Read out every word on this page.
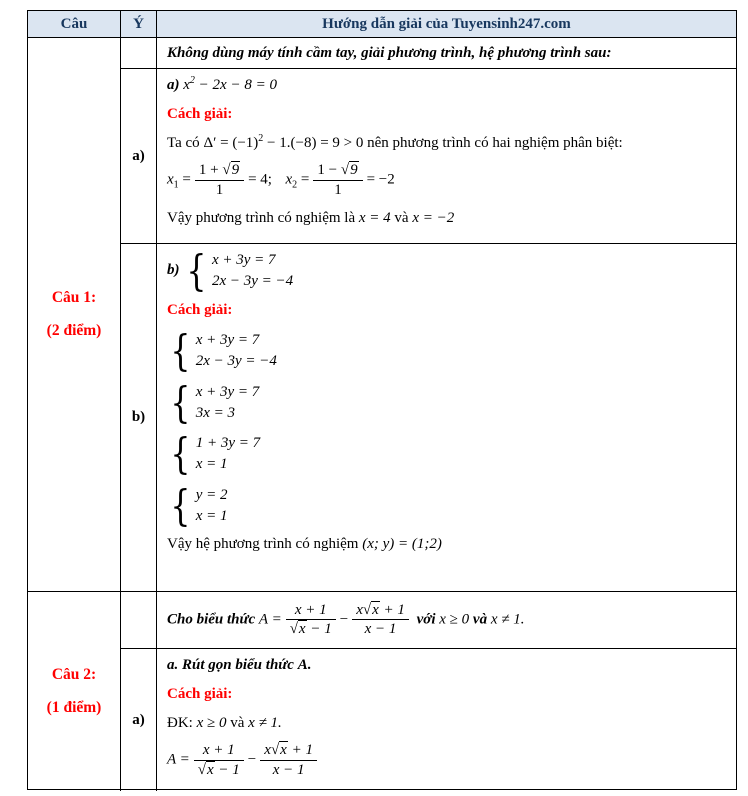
Câu	Ý	Hướng dẫn giải của Tuyensinh247.com
Câu 1:
(2 điểm)
Không dùng máy tính cầm tay, giải phương trình, hệ phương trình sau:
a)

a) $x^2 - 2x - 8 = 0$

Cách giải:

Ta có $\Delta' = (-1)^2 - 1.(-8) = 9 > 0$ nên phương trình có hai nghiệm phân biệt:

$x_1 = \frac{1 + √9}{1} = 4$; $x_2 = \frac{1 - √9}{1} = -2$

Vậy phương trình có nghiệm là x = 4 và x = −2

b)

b) { x + 3y = 7
2x − 3y = −4

Cách giải:

{ x + 3y = 7
2x − 3y = −4

{ x + 3y = 7
3x = 3

{ 1 + 3y = 7
x = 1

{ y = 2
x = 1

Vậy hệ phương trình có nghiệm (x; y) = (1;2)

Câu 2:
(1 điểm)
Cho biểu thức $A = \frac{x + 1}{√x - 1} - \frac{x√x + 1}{x - 1}$ với x ≥ 0 và x ≠ 1.
a)

a. Rút gọn biểu thức A.

Cách giải:

ĐK: x ≥ 0 và x ≠ 1.

$A = \frac{x + 1}{√x - 1} - \frac{x√x + 1}{x - 1}$
